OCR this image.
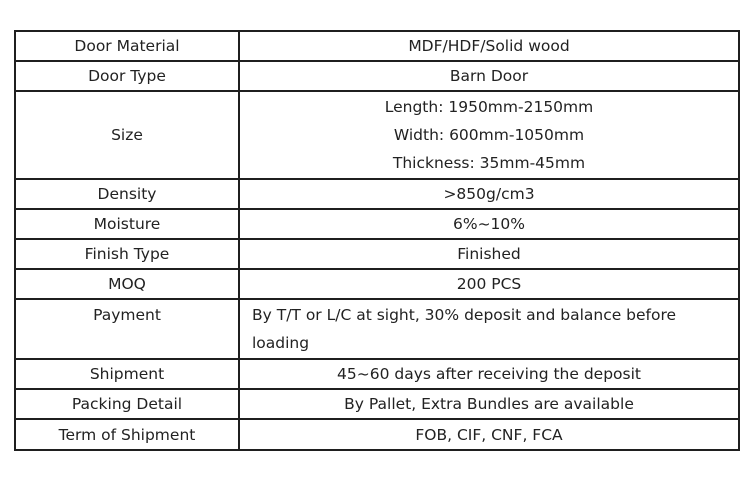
Door Material	MDF/HDF/Solid wood
Door Type	Barn Door
Size	Length: 1950mm-2150mm
Width: 600mm-1050mm
Thickness: 35mm-45mm

Density	>850g/cm3
Moisture	6%~10%
Finish Type	Finished
MOQ	200 PCS
Payment	By T/T or L/C at sight, 30% deposit and balance before loading
Shipment	45~60 days after receiving the deposit
Packing Detail	By Pallet, Extra Bundles are available
Term of Shipment	FOB, CIF, CNF, FCA
